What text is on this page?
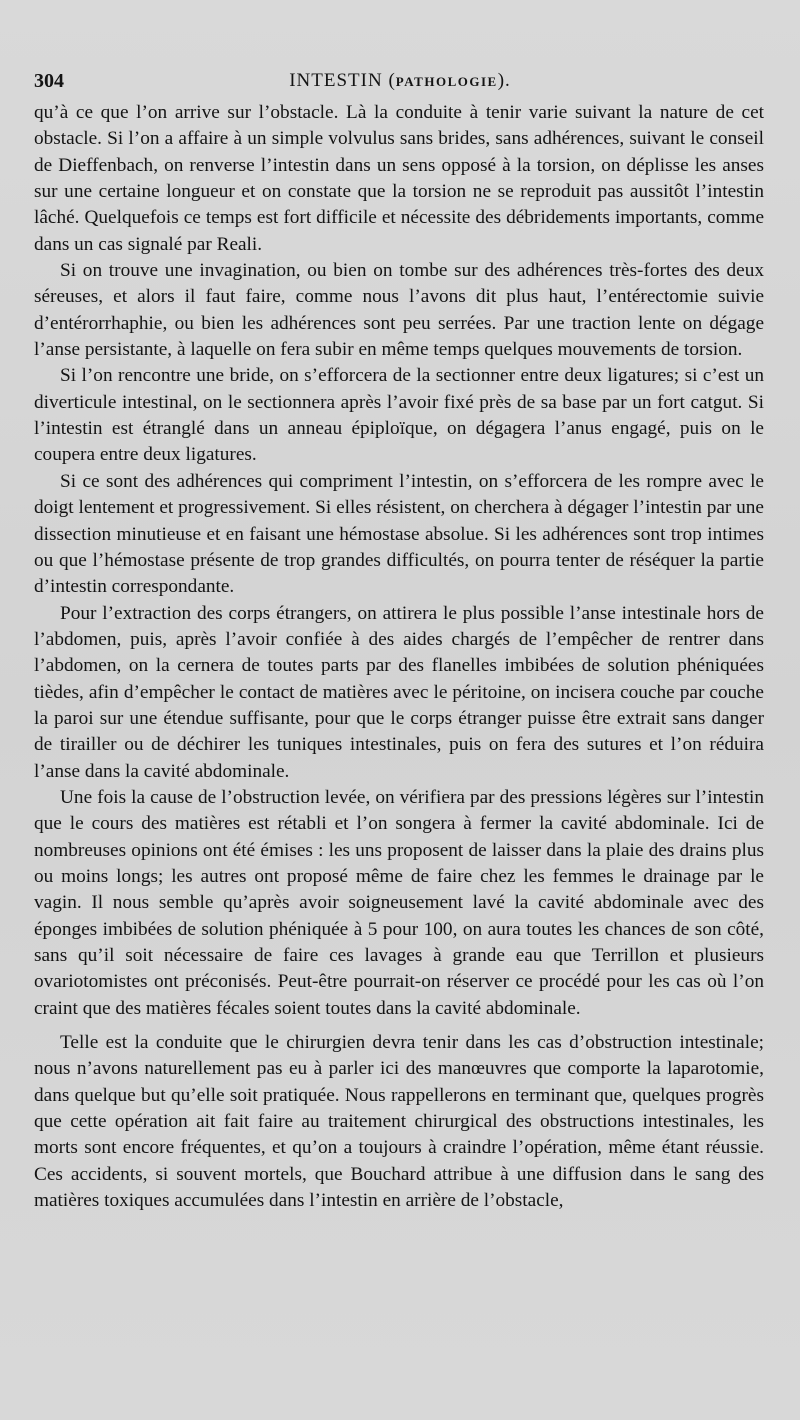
304	INTESTIN (PATHOLOGIE).

qu’à ce que l’on arrive sur l’obstacle. Là la conduite à tenir varie suivant la nature de cet obstacle. Si l’on a affaire à un simple volvulus sans brides, sans adhérences, suivant le conseil de Dieffenbach, on renverse l’intestin dans un sens opposé à la torsion, on déplisse les anses sur une certaine longueur et on constate que la torsion ne se reproduit pas aussitôt l’intestin lâché. Quelquefois ce temps est fort difficile et nécessite des débridements importants, comme dans un cas signalé par Reali.

Si on trouve une invagination, ou bien on tombe sur des adhérences très-fortes des deux séreuses, et alors il faut faire, comme nous l’avons dit plus haut, l’entérectomie suivie d’entérorrhaphie, ou bien les adhérences sont peu serrées. Par une traction lente on dégage l’anse persistante, à laquelle on fera subir en même temps quelques mouvements de torsion.

Si l’on rencontre une bride, on s’efforcera de la sectionner entre deux ligatures; si c’est un diverticule intestinal, on le sectionnera après l’avoir fixé près de sa base par un fort catgut. Si l’intestin est étranglé dans un anneau épiploïque, on dégagera l’anus engagé, puis on le coupera entre deux ligatures.

Si ce sont des adhérences qui compriment l’intestin, on s’efforcera de les rompre avec le doigt lentement et progressivement. Si elles résistent, on cherchera à dégager l’intestin par une dissection minutieuse et en faisant une hémostase absolue. Si les adhérences sont trop intimes ou que l’hémostase présente de trop grandes difficultés, on pourra tenter de réséquer la partie d’intestin correspondante.

Pour l’extraction des corps étrangers, on attirera le plus possible l’anse intestinale hors de l’abdomen, puis, après l’avoir confiée à des aides chargés de l’empêcher de rentrer dans l’abdomen, on la cernera de toutes parts par des flanelles imbibées de solution phéniquées tièdes, afin d’empêcher le contact de matières avec le péritoine, on incisera couche par couche la paroi sur une étendue suffisante, pour que le corps étranger puisse être extrait sans danger de tirailler ou de déchirer les tuniques intestinales, puis on fera des sutures et l’on réduira l’anse dans la cavité abdominale.

Une fois la cause de l’obstruction levée, on vérifiera par des pressions légères sur l’intestin que le cours des matières est rétabli et l’on songera à fermer la cavité abdominale. Ici de nombreuses opinions ont été émises : les uns proposent de laisser dans la plaie des drains plus ou moins longs; les autres ont proposé même de faire chez les femmes le drainage par le vagin. Il nous semble qu’après avoir soigneusement lavé la cavité abdominale avec des éponges imbibées de solution phéniquée à 5 pour 100, on aura toutes les chances de son côté, sans qu’il soit nécessaire de faire ces lavages à grande eau que Terrillon et plusieurs ovariotomistes ont préconisés. Peut-être pourrait-on réserver ce procédé pour les cas où l’on craint que des matières fécales soient toutes dans la cavité abdominale.

Telle est la conduite que le chirurgien devra tenir dans les cas d’obstruction intestinale; nous n’avons naturellement pas eu à parler ici des manœuvres que comporte la laparotomie, dans quelque but qu’elle soit pratiquée. Nous rappellerons en terminant que, quelques progrès que cette opération ait fait faire au traitement chirurgical des obstructions intestinales, les morts sont encore fréquentes, et qu’on a toujours à craindre l’opération, même étant réussie. Ces accidents, si souvent mortels, que Bouchard attribue à une diffusion dans le sang des matières toxiques accumulées dans l’intestin en arrière de l’obstacle,
